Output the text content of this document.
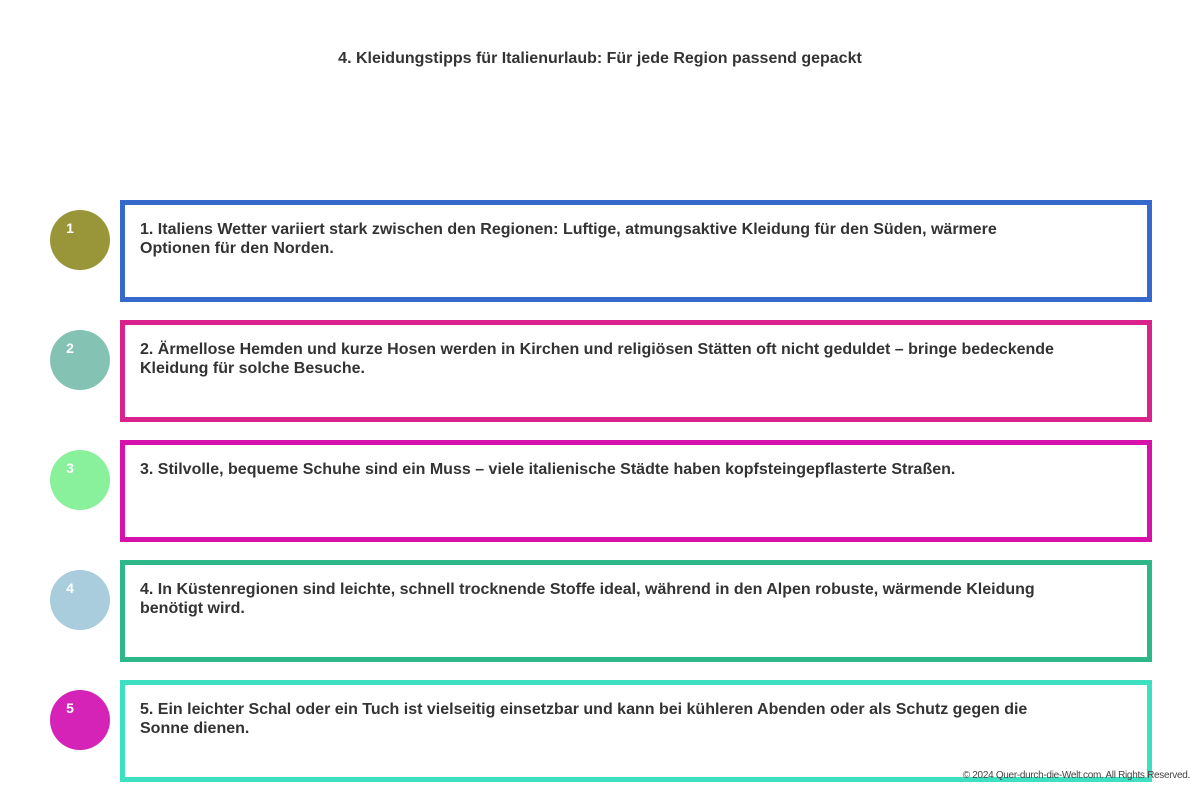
4. Kleidungstipps für Italienurlaub: Für jede Region passend gepackt
1	1. Italiens Wetter variiert stark zwischen den Regionen: Luftige, atmungsaktive Kleidung für den Süden, wärmere Optionen für den Norden.
2	2. Ärmellose Hemden und kurze Hosen werden in Kirchen und religiösen Stätten oft nicht geduldet – bringe bedeckende Kleidung für solche Besuche.
3	3. Stilvolle, bequeme Schuhe sind ein Muss – viele italienische Städte haben kopfsteingepflasterte Straßen.
4	4. In Küstenregionen sind leichte, schnell trocknende Stoffe ideal, während in den Alpen robuste, wärmende Kleidung benötigt wird.
5	5. Ein leichter Schal oder ein Tuch ist vielseitig einsetzbar und kann bei kühleren Abenden oder als Schutz gegen die Sonne dienen.
© 2024 Quer-durch-die-Welt.com. All Rights Reserved.
